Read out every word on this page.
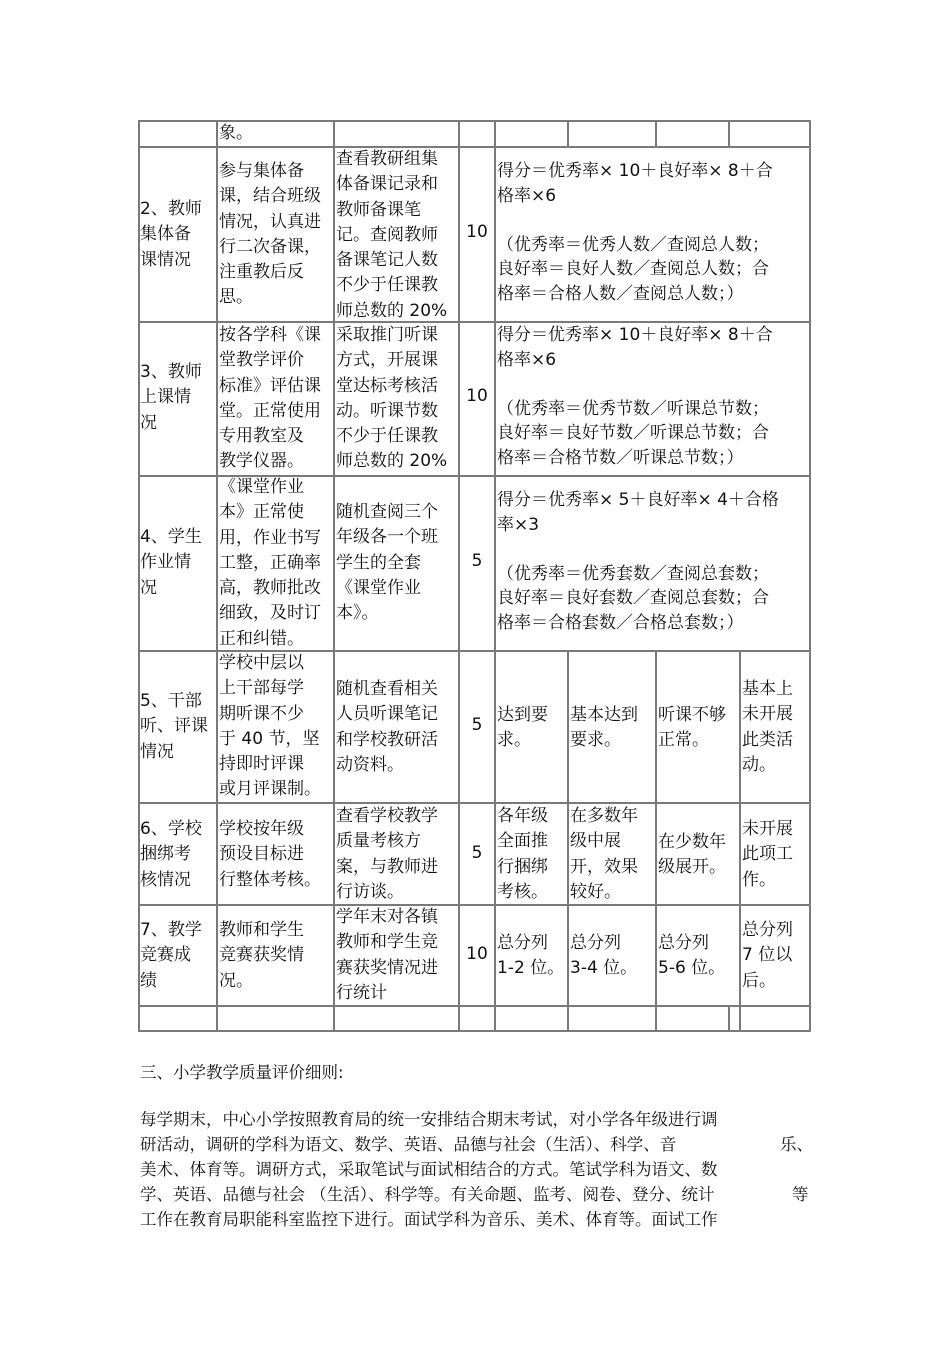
象。
2、教师
集体备
课情况
参与集体备
课，结合班级
情况，认真进
行二次备课，
注重教后反
思。
查看教研组集
体备课记录和
教师备课笔
记。查阅教师
备课笔记人数
不少于任课教
师总数的 20%
10
得分＝优秀率× 10＋良好率× 8＋合
格率×6

（优秀率＝优秀人数／查阅总人数；
良好率＝良好人数／查阅总人数；合
格率＝合格人数／查阅总人数；）
3、教师
上课情
况
按各学科《课
堂教学评价
标准》评估课
堂。正常使用
专用教室及
教学仪器。
采取推门听课
方式，开展课
堂达标考核活
动。听课节数
不少于任课教
师总数的 20%
10
得分＝优秀率× 10＋良好率× 8＋合
格率×6

（优秀率＝优秀节数／听课总节数；
良好率＝良好节数／听课总节数；合
格率＝合格节数／听课总节数；）
4、学生
作业情
况
《课堂作业
本》正常使
用，作业书写
工整，正确率
高，教师批改
细致，及时订
正和纠错。
随机查阅三个
年级各一个班
学生的全套
《课堂作业
本》。
5
得分＝优秀率× 5＋良好率× 4＋合格
率×3

（优秀率＝优秀套数／查阅总套数；
良好率＝良好套数／查阅总套数；合
格率＝合格套数／合格总套数；）
5、干部
听、评课
情况
学校中层以
上干部每学
期听课不少
于 40 节，坚
持即时评课
或月评课制。
随机查看相关
人员听课笔记
和学校教研活
动资料。
5 达到要
求。
基本达到
要求。
听课不够
正常。
基本上
未开展
此类活
动。
6、学校
捆绑考
核情况
学校按年级
预设目标进
行整体考核。
查看学校教学
质量考核方
案，与教师进
行访谈。
5
各年级
全面推
行捆绑
考核。
在多数年
级中展
开，效果
较好。
在少数年
级展开。
未开展
此项工
作。
7、教学
竞赛成
绩
教师和学生
竞赛获奖情
况。
学年末对各镇
教师和学生竞
赛获奖情况进
行统计
10
总分列
1-2 位。
总分列
3-4 位。
总分列
5-6 位。
总分列
7 位以
后。
三、小学教学质量评价细则:
每学期末，中心小学按照教育局的统一安排结合期末考试，对小学各年级进行调
研活动，调研的学科为语文、数学、英语、品德与社会（生活）、科学、音	乐、
美术、体育等。调研方式，采取笔试与面试相结合的方式。笔试学科为语文、数
学、英语、品德与社会 （生活）、科学等。有关命题、监考、阅卷、登分、统计	等
工作在教育局职能科室监控下进行。面试学科为音乐、美术、体育等。面试工作
